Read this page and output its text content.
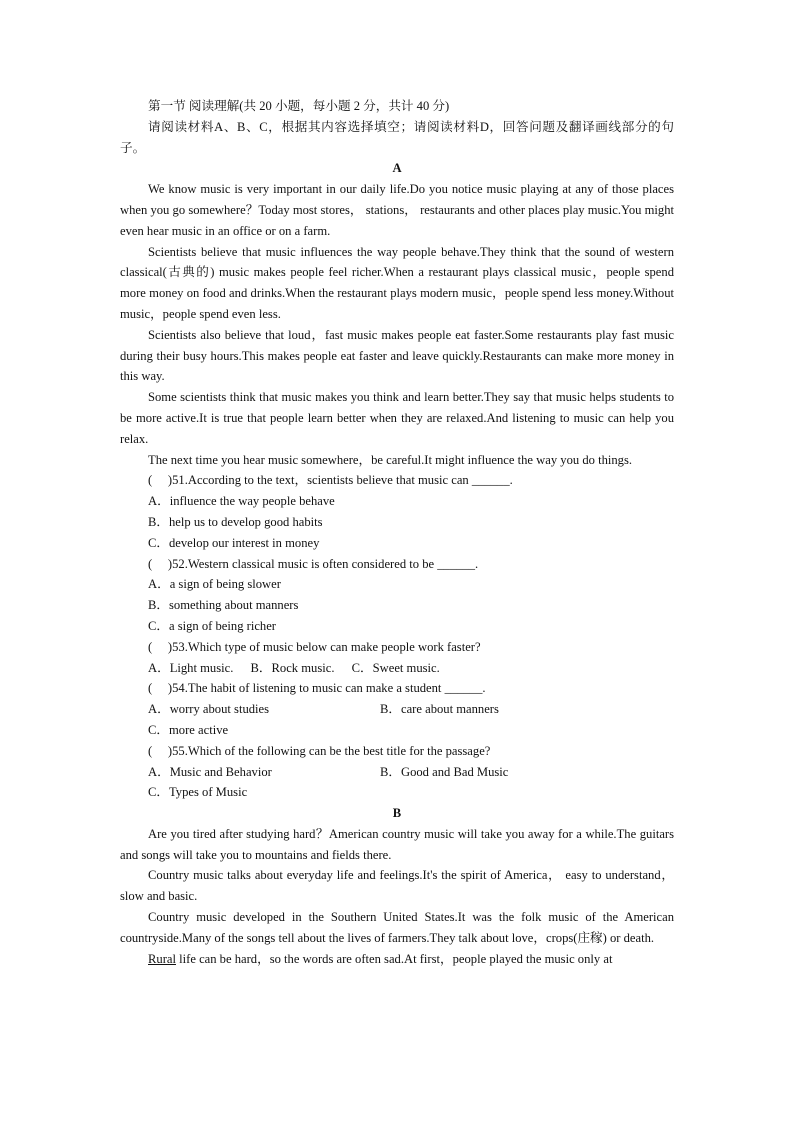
第一节 阅读理解(共 20 小题，每小题 2 分，共计 40 分)

请阅读材料A、B、C，根据其内容选择填空；请阅读材料D，回答问题及翻译画线部分的句子。

A

We know music is very important in our daily life.Do you notice music playing at any of those places when you go somewhere？Today most stores， stations， restaurants and other places play music.You might even hear music in an office or on a farm.

Scientists believe that music influences the way people behave.They think that the sound of western classical(古典的) music makes people feel richer.When a restaurant plays classical music，people spend more money on food and drinks.When the restaurant plays modern music，people spend less money.Without music，people spend even less.

Scientists also believe that loud，fast music makes people eat faster.Some restaurants play fast music during their busy hours.This makes people eat faster and leave quickly.Restaurants can make more money in this way.

Some scientists think that music makes you think and learn better.They say that music helps students to be more active.It is true that people learn better when they are relaxed.And listening to music can help you relax.

The next time you hear music somewhere，be careful.It might influence the way you do things.

(　 )51.According to the text，scientists believe that music can ______.

A．influence the way people behave

B．help us to develop good habits

C．develop our interest in money

(　 )52.Western classical music is often considered to be ______.

A．a sign of being slower

B．something about manners

C．a sign of being richer

(　 )53.Which type of music below can make people work faster?

A．Light music. B．Rock music. C．Sweet music.

(　 )54.The habit of listening to music can make a student ______.

A．worry about studies	B．care about manners

C．more active

(　 )55.Which of the following can be the best title for the passage?

A．Music and Behavior	B．Good and Bad Music

C．Types of Music

B

Are you tired after studying hard？American country music will take you away for a while.The guitars and songs will take you to mountains and fields there.

Country music talks about everyday life and feelings.It's the spirit of America， easy to understand，slow and basic.

Country music developed in the Southern United States.It was the folk music of the American countryside.Many of the songs tell about the lives of farmers.They talk about love，crops(庄稼) or death.

Rural life can be hard，so the words are often sad.At first，people played the music only at
